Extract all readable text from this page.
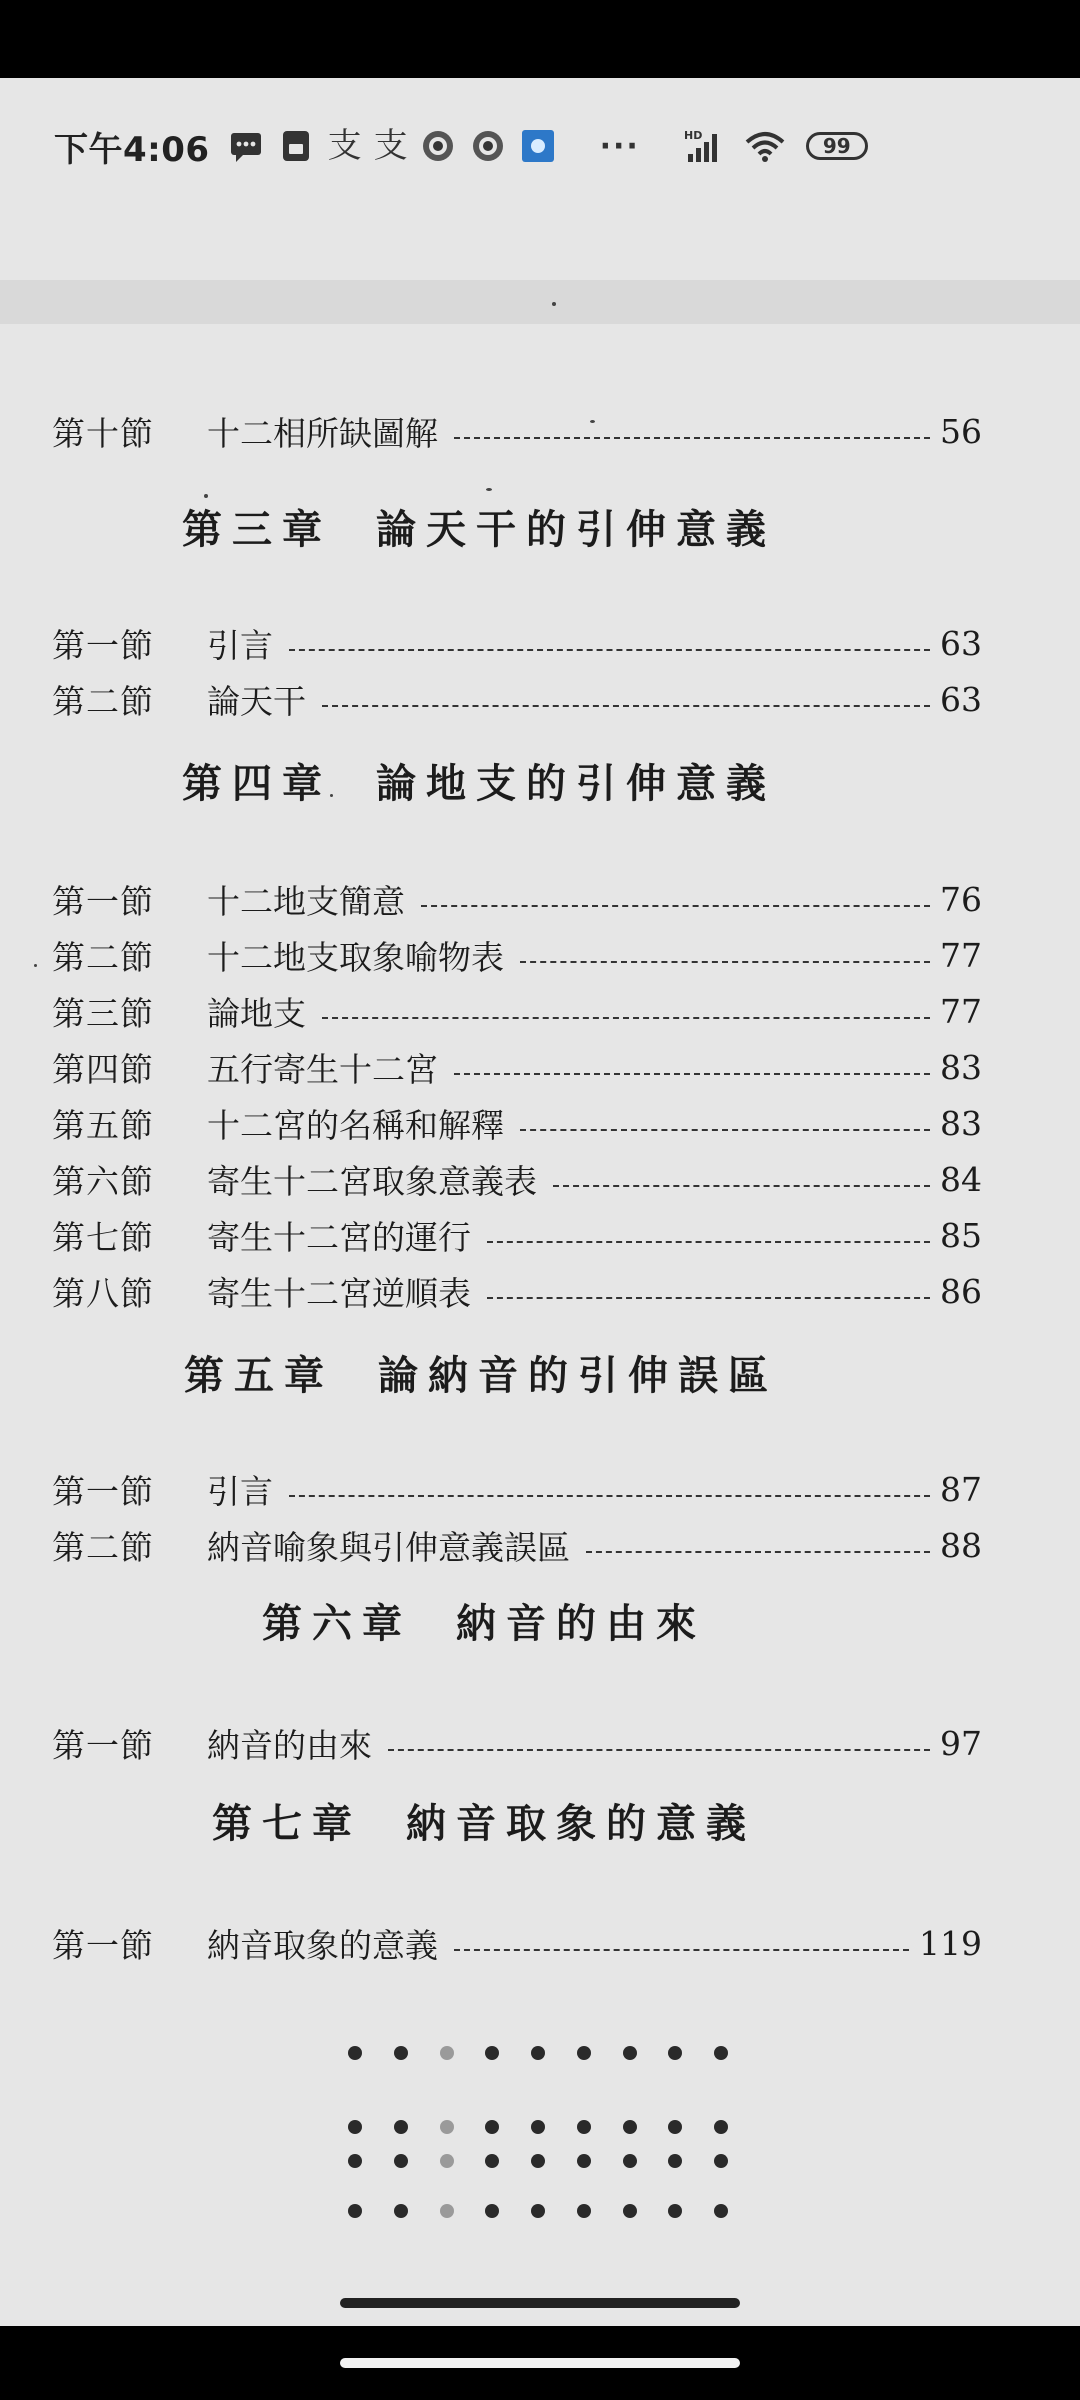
下午4:06	支 支	···	HD	99
第十節	十二相所缺圖解	56
第三章 論天干的引伸意義
第一節	引言	63
第二節	論天干	63
第四章 論地支的引伸意義
第一節	十二地支簡意	76
第二節	十二地支取象喻物表	77
第三節	論地支	77
第四節	五行寄生十二宮	83
第五節	十二宮的名稱和解釋	83
第六節	寄生十二宮取象意義表	84
第七節	寄生十二宮的運行	85
第八節	寄生十二宮逆順表	86
第五章 論納音的引伸誤區
第一節	引言	87
第二節	納音喻象與引伸意義誤區	88
第六章 納音的由來
第一節	納音的由來	97
第七章 納音取象的意義
第一節	納音取象的意義	119
